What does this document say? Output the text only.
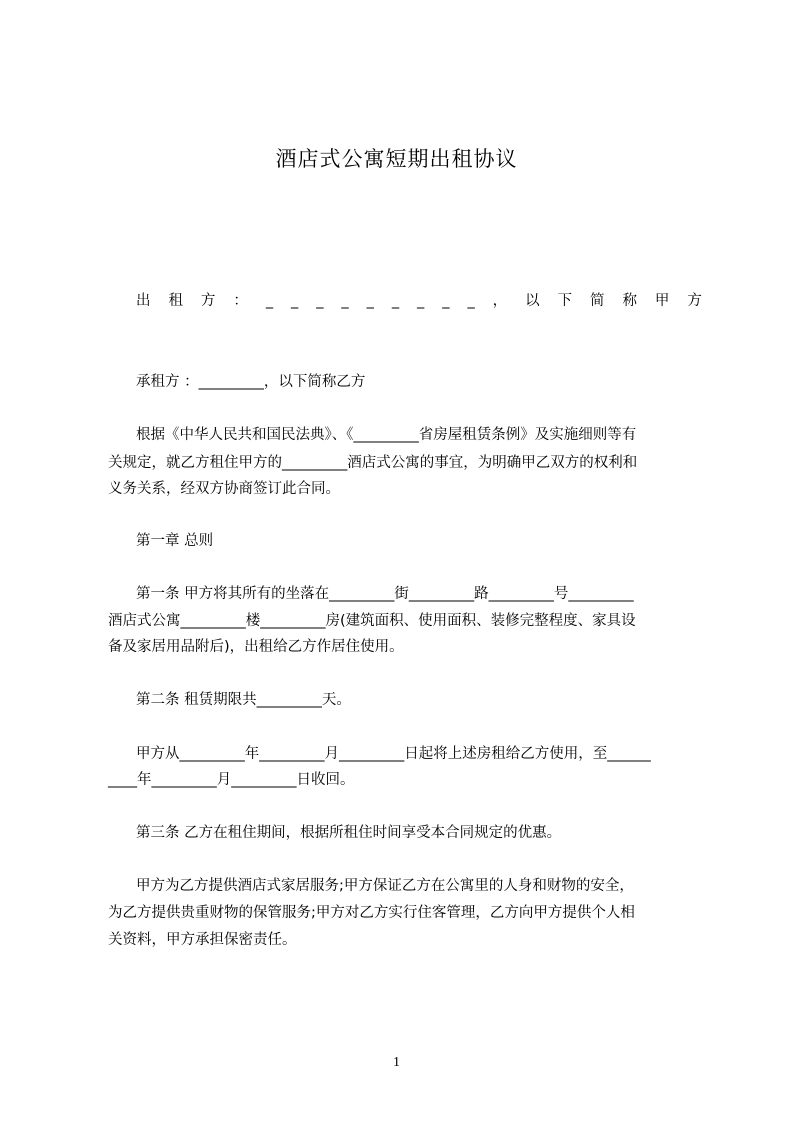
酒店式公寓短期出租协议
出 租 方 ： _ _ _ _ _ _ _ _ _ ， 以 下 简 称 甲 方
承租方 ：_________，以下简称乙方
根据《中华人民共和国民法典》、《_________省房屋租赁条例》及实施细则等有
关规定，就乙方租住甲方的_________酒店式公寓的事宜，为明确甲乙双方的权利和
义务关系，经双方协商签订此合同。
第一章 总则
第一条 甲方将其所有的坐落在_________街_________路_________号_________
酒店式公寓_________楼_________房(建筑面积、使用面积、装修完整程度、家具设
备及家居用品附后)，出租给乙方作居住使用。
第二条 租赁期限共_________天。
甲方从_________年_________月_________日起将上述房租给乙方使用，至______
____年_________月_________日收回。
第三条 乙方在租住期间，根据所租住时间享受本合同规定的优惠。
甲方为乙方提供酒店式家居服务;甲方保证乙方在公寓里的人身和财物的安全，
为乙方提供贵重财物的保管服务;甲方对乙方实行住客管理，乙方向甲方提供个人相
关资料，甲方承担保密责任。
1
